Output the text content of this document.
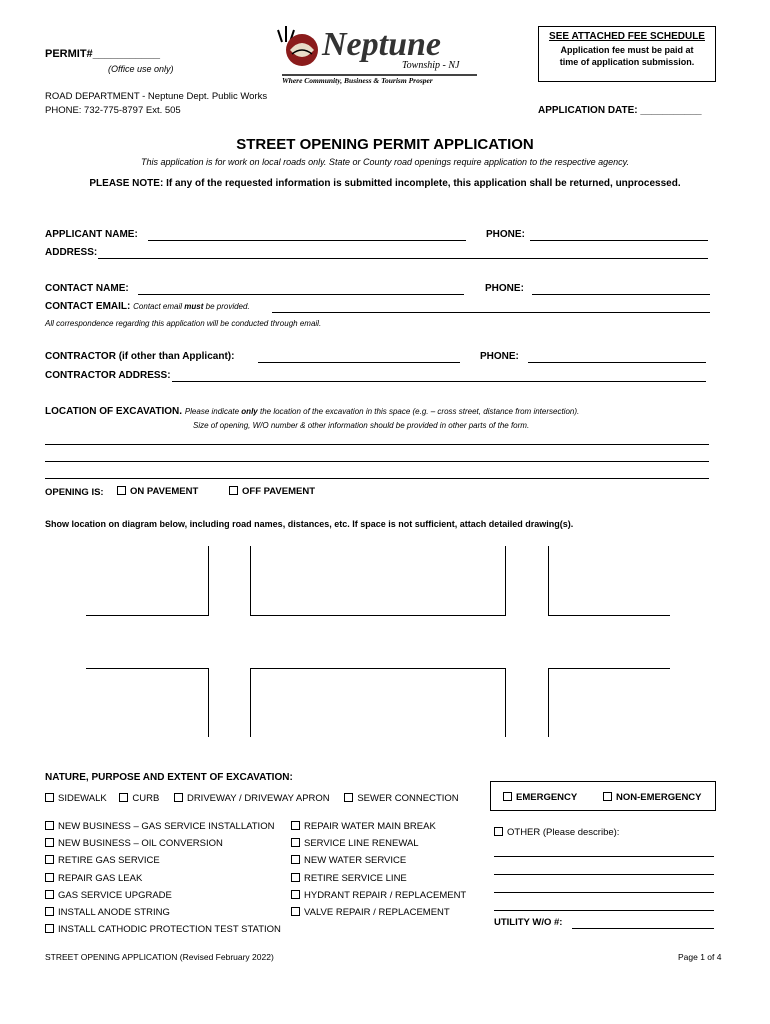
PERMIT#___________
(Office use only)
Neptune
Township - NJ
Where Community, Business & Tourism Prosper
SEE ATTACHED FEE SCHEDULE
Application fee must be paid at
time of application submission.
ROAD DEPARTMENT - Neptune Dept. Public Works
PHONE: 732-775-8797 Ext. 505	APPLICATION DATE: ___________
STREET OPENING PERMIT APPLICATION
This application is for work on local roads only. State or County road openings require application to the respective agency.
PLEASE NOTE: If any of the requested information is submitted incomplete, this application shall be returned, unprocessed.
APPLICANT NAME:	PHONE:
ADDRESS:
CONTACT NAME:	PHONE:
CONTACT EMAIL: Contact email must be provided.
All correspondence regarding this application will be conducted through email.
CONTRACTOR (if other than Applicant):	PHONE:
CONTRACTOR ADDRESS:
LOCATION OF EXCAVATION. Please indicate only the location of the excavation in this space (e.g. – cross street, distance from intersection).
Size of opening, W/O number & other information should be provided in other parts of the form.
OPENING IS:	ON PAVEMENT	OFF PAVEMENT
Show location on diagram below, including road names, distances, etc. If space is not sufficient, attach detailed drawing(s).
NATURE, PURPOSE AND EXTENT OF EXCAVATION:
SIDEWALK	CURB	DRIVEWAY / DRIVEWAY APRON	SEWER CONNECTION
NEW BUSINESS – GAS SERVICE INSTALLATION
NEW BUSINESS – OIL CONVERSION
RETIRE GAS SERVICE
REPAIR GAS LEAK
GAS SERVICE UPGRADE
INSTALL ANODE STRING
INSTALL CATHODIC PROTECTION TEST STATION
REPAIR WATER MAIN BREAK
SERVICE LINE RENEWAL
NEW WATER SERVICE
RETIRE SERVICE LINE
HYDRANT REPAIR / REPLACEMENT
VALVE REPAIR / REPLACEMENT
EMERGENCY	NON-EMERGENCY
OTHER (Please describe):
UTILITY W/O #:
STREET OPENING APPLICATION (Revised February 2022)	Page 1 of 4
